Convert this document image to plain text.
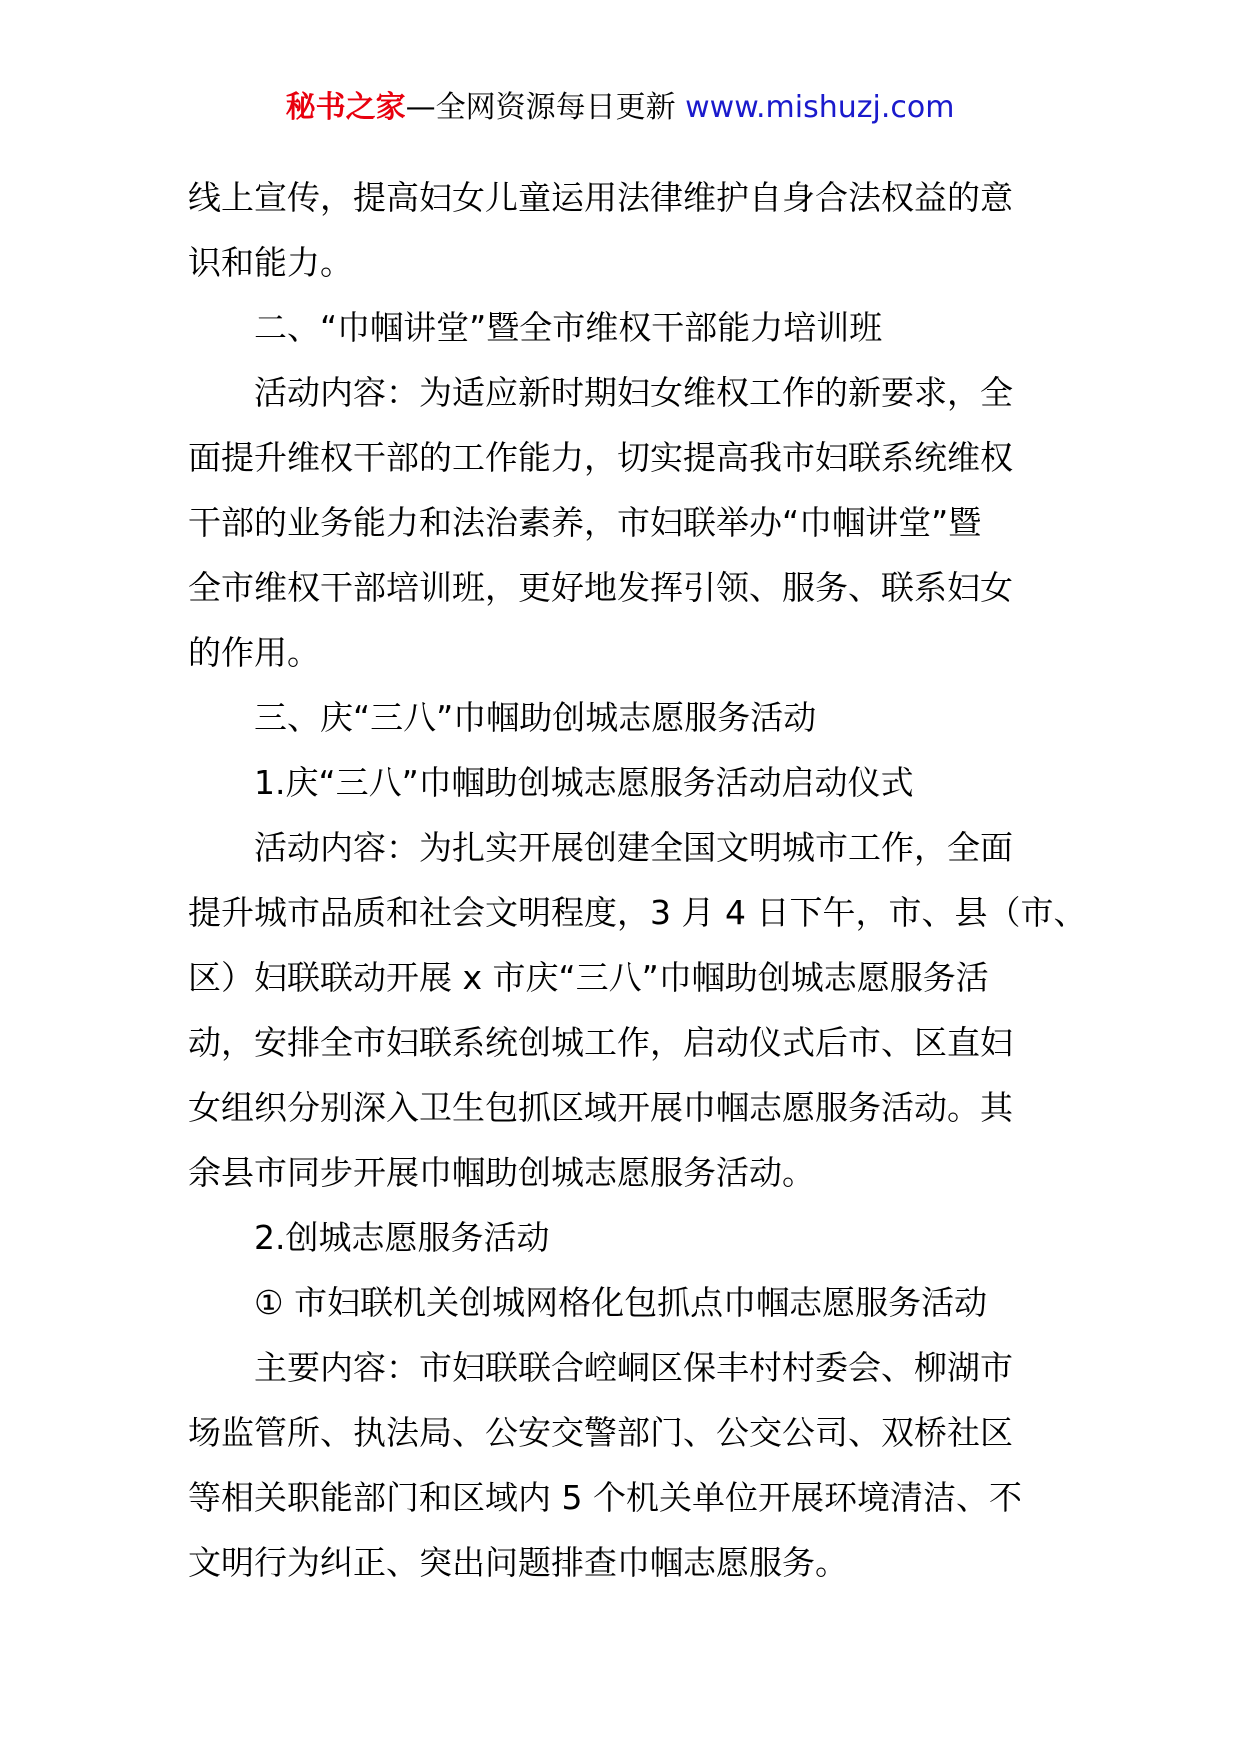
秘书之家—全网资源每日更新 www.mishuzj.com
线上宣传，提高妇女儿童运用法律维护自身合法权益的意
识和能力。
二、“巾帼讲堂”暨全市维权干部能力培训班
活动内容：为适应新时期妇女维权工作的新要求，全
面提升维权干部的工作能力，切实提高我市妇联系统维权
干部的业务能力和法治素养，市妇联举办“巾帼讲堂”暨
全市维权干部培训班，更好地发挥引领、服务、联系妇女
的作用。
三、庆“三八”巾帼助创城志愿服务活动
1.庆“三八”巾帼助创城志愿服务活动启动仪式
活动内容：为扎实开展创建全国文明城市工作，全面
提升城市品质和社会文明程度，3 月 4 日下午，市、县（市、
区）妇联联动开展 x 市庆“三八”巾帼助创城志愿服务活
动，安排全市妇联系统创城工作，启动仪式后市、区直妇
女组织分别深入卫生包抓区域开展巾帼志愿服务活动。其
余县市同步开展巾帼助创城志愿服务活动。
2.创城志愿服务活动
① 市妇联机关创城网格化包抓点巾帼志愿服务活动
主要内容：市妇联联合崆峒区保丰村村委会、柳湖市
场监管所、执法局、公安交警部门、公交公司、双桥社区
等相关职能部门和区域内 5 个机关单位开展环境清洁、不
文明行为纠正、突出问题排查巾帼志愿服务。
